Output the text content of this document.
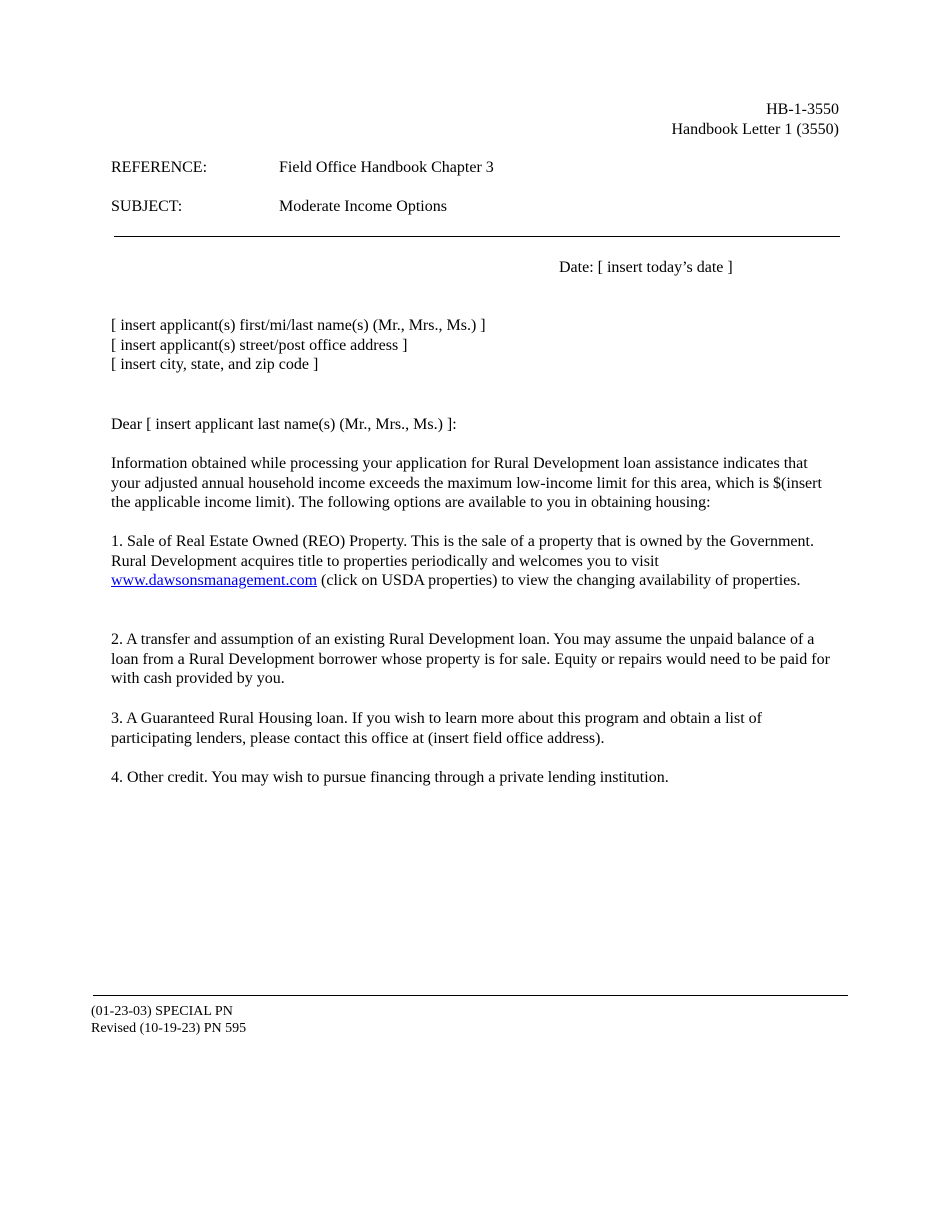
HB-1-3550
Handbook Letter 1 (3550)
REFERENCE:	Field Office Handbook Chapter 3
SUBJECT:	Moderate Income Options
Date: [ insert today’s date ]
[ insert applicant(s) first/mi/last name(s) (Mr., Mrs., Ms.) ]
[ insert applicant(s) street/post office address ]
[ insert city, state, and zip code ]
Dear [ insert applicant last name(s) (Mr., Mrs., Ms.) ]:

Information obtained while processing your application for Rural Development loan assistance indicates that your adjusted annual household income exceeds the maximum low-income limit for this area, which is $(insert the applicable income limit). The following options are available to you in obtaining housing:

1. Sale of Real Estate Owned (REO) Property. This is the sale of a property that is owned by the Government. Rural Development acquires title to properties periodically and welcomes you to visit www.dawsonsmanagement.com (click on USDA properties) to view the changing availability of properties.

2. A transfer and assumption of an existing Rural Development loan. You may assume the unpaid balance of a loan from a Rural Development borrower whose property is for sale. Equity or repairs would need to be paid for with cash provided by you.

3. A Guaranteed Rural Housing loan. If you wish to learn more about this program and obtain a list of participating lenders, please contact this office at (insert field office address).

4. Other credit. You may wish to pursue financing through a private lending institution.

(01-23-03) SPECIAL PN
Revised (10-19-23) PN 595
